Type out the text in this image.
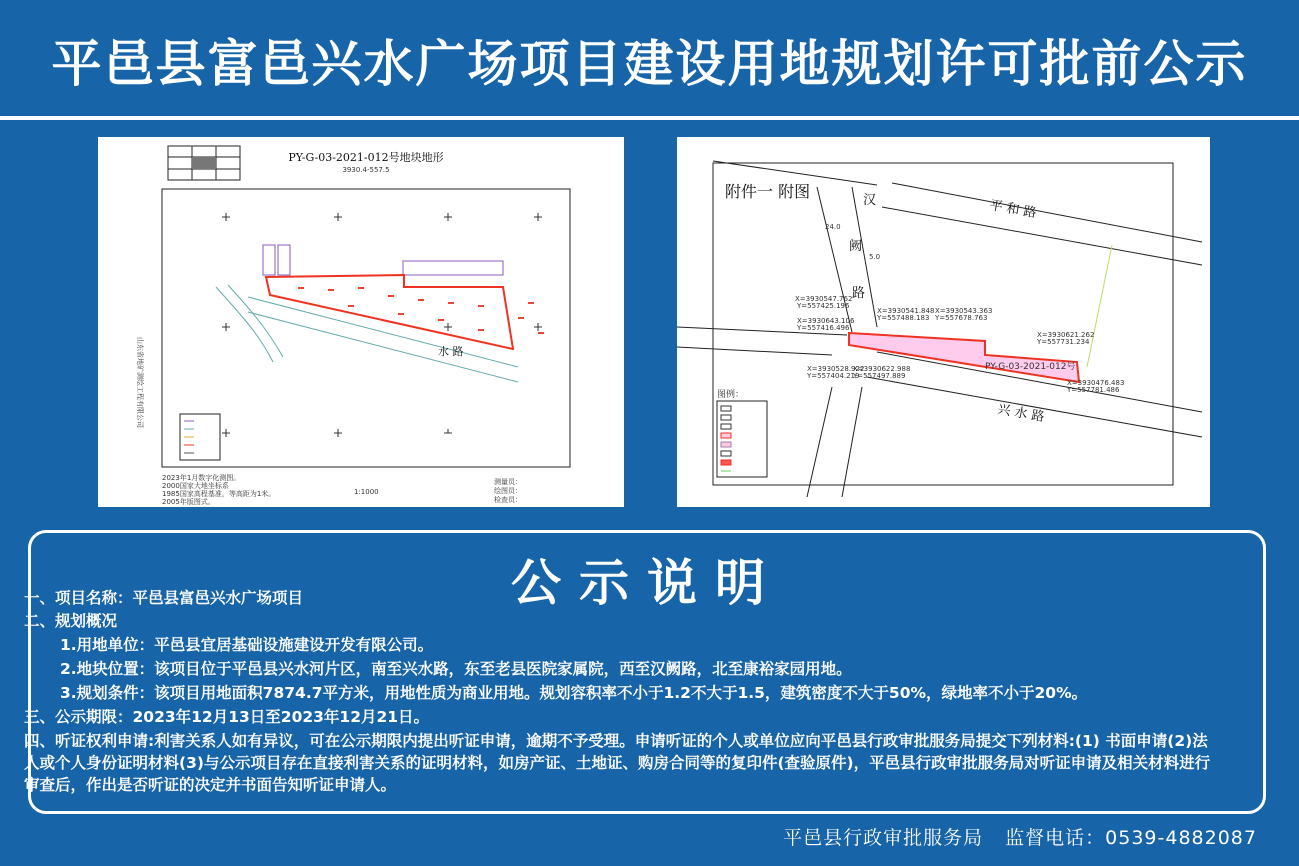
平邑县富邑兴水广场项目建设用地规划许可批前公示
PY-G-03-2021-012号地块地形
3930.4-557.5
水 路
山东省地矿测绘工程有限公司
2023年1月数字化测图。
2000国家大地坐标系
1985国家高程基准，等高距为1米。
2005年版图式。
1:1000
测量员：
绘图员：
检查员：
附件一 附图
平 和 路
汉
阙
路
兴 水 路
24.0
5.0
PY-G-03-2021-012号
X=3930547.762
Y=557425.196
X=3930643.106
Y=557416.496
X=3930541.848
Y=557488.183
X=3930543.363
Y=557678.763
X=3930621.262
Y=557731.234
X=3930528.922
Y=557404.219
X=3930622.988
Y=557497.889
X=3930476.483
Y=557781.486
图例：
公示说明
一、项目名称：平邑县富邑兴水广场项目
二、规划概况
1.用地单位：平邑县宜居基础设施建设开发有限公司。
2.地块位置：该项目位于平邑县兴水河片区，南至兴水路，东至老县医院家属院，西至汉阙路，北至康裕家园用地。
3.规划条件：该项目用地面积7874.7平方米，用地性质为商业用地。规划容积率不小于1.2不大于1.5，建筑密度不大于50%，绿地率不小于20%。
三、公示期限：2023年12月13日至2023年12月21日。
四、听证权利申请:利害关系人如有异议，可在公示期限内提出听证申请，逾期不予受理。申请听证的个人或单位应向平邑县行政审批服务局提交下列材料:(1) 书面申请(2)法人或个人身份证明材料(3)与公示项目存在直接利害关系的证明材料，如房产证、土地证、购房合同等的复印件(查验原件)，平邑县行政审批服务局对听证申请及相关材料进行审查后，作出是否听证的决定并书面告知听证申请人。
平邑县行政审批服务局 监督电话：0539-4882087
